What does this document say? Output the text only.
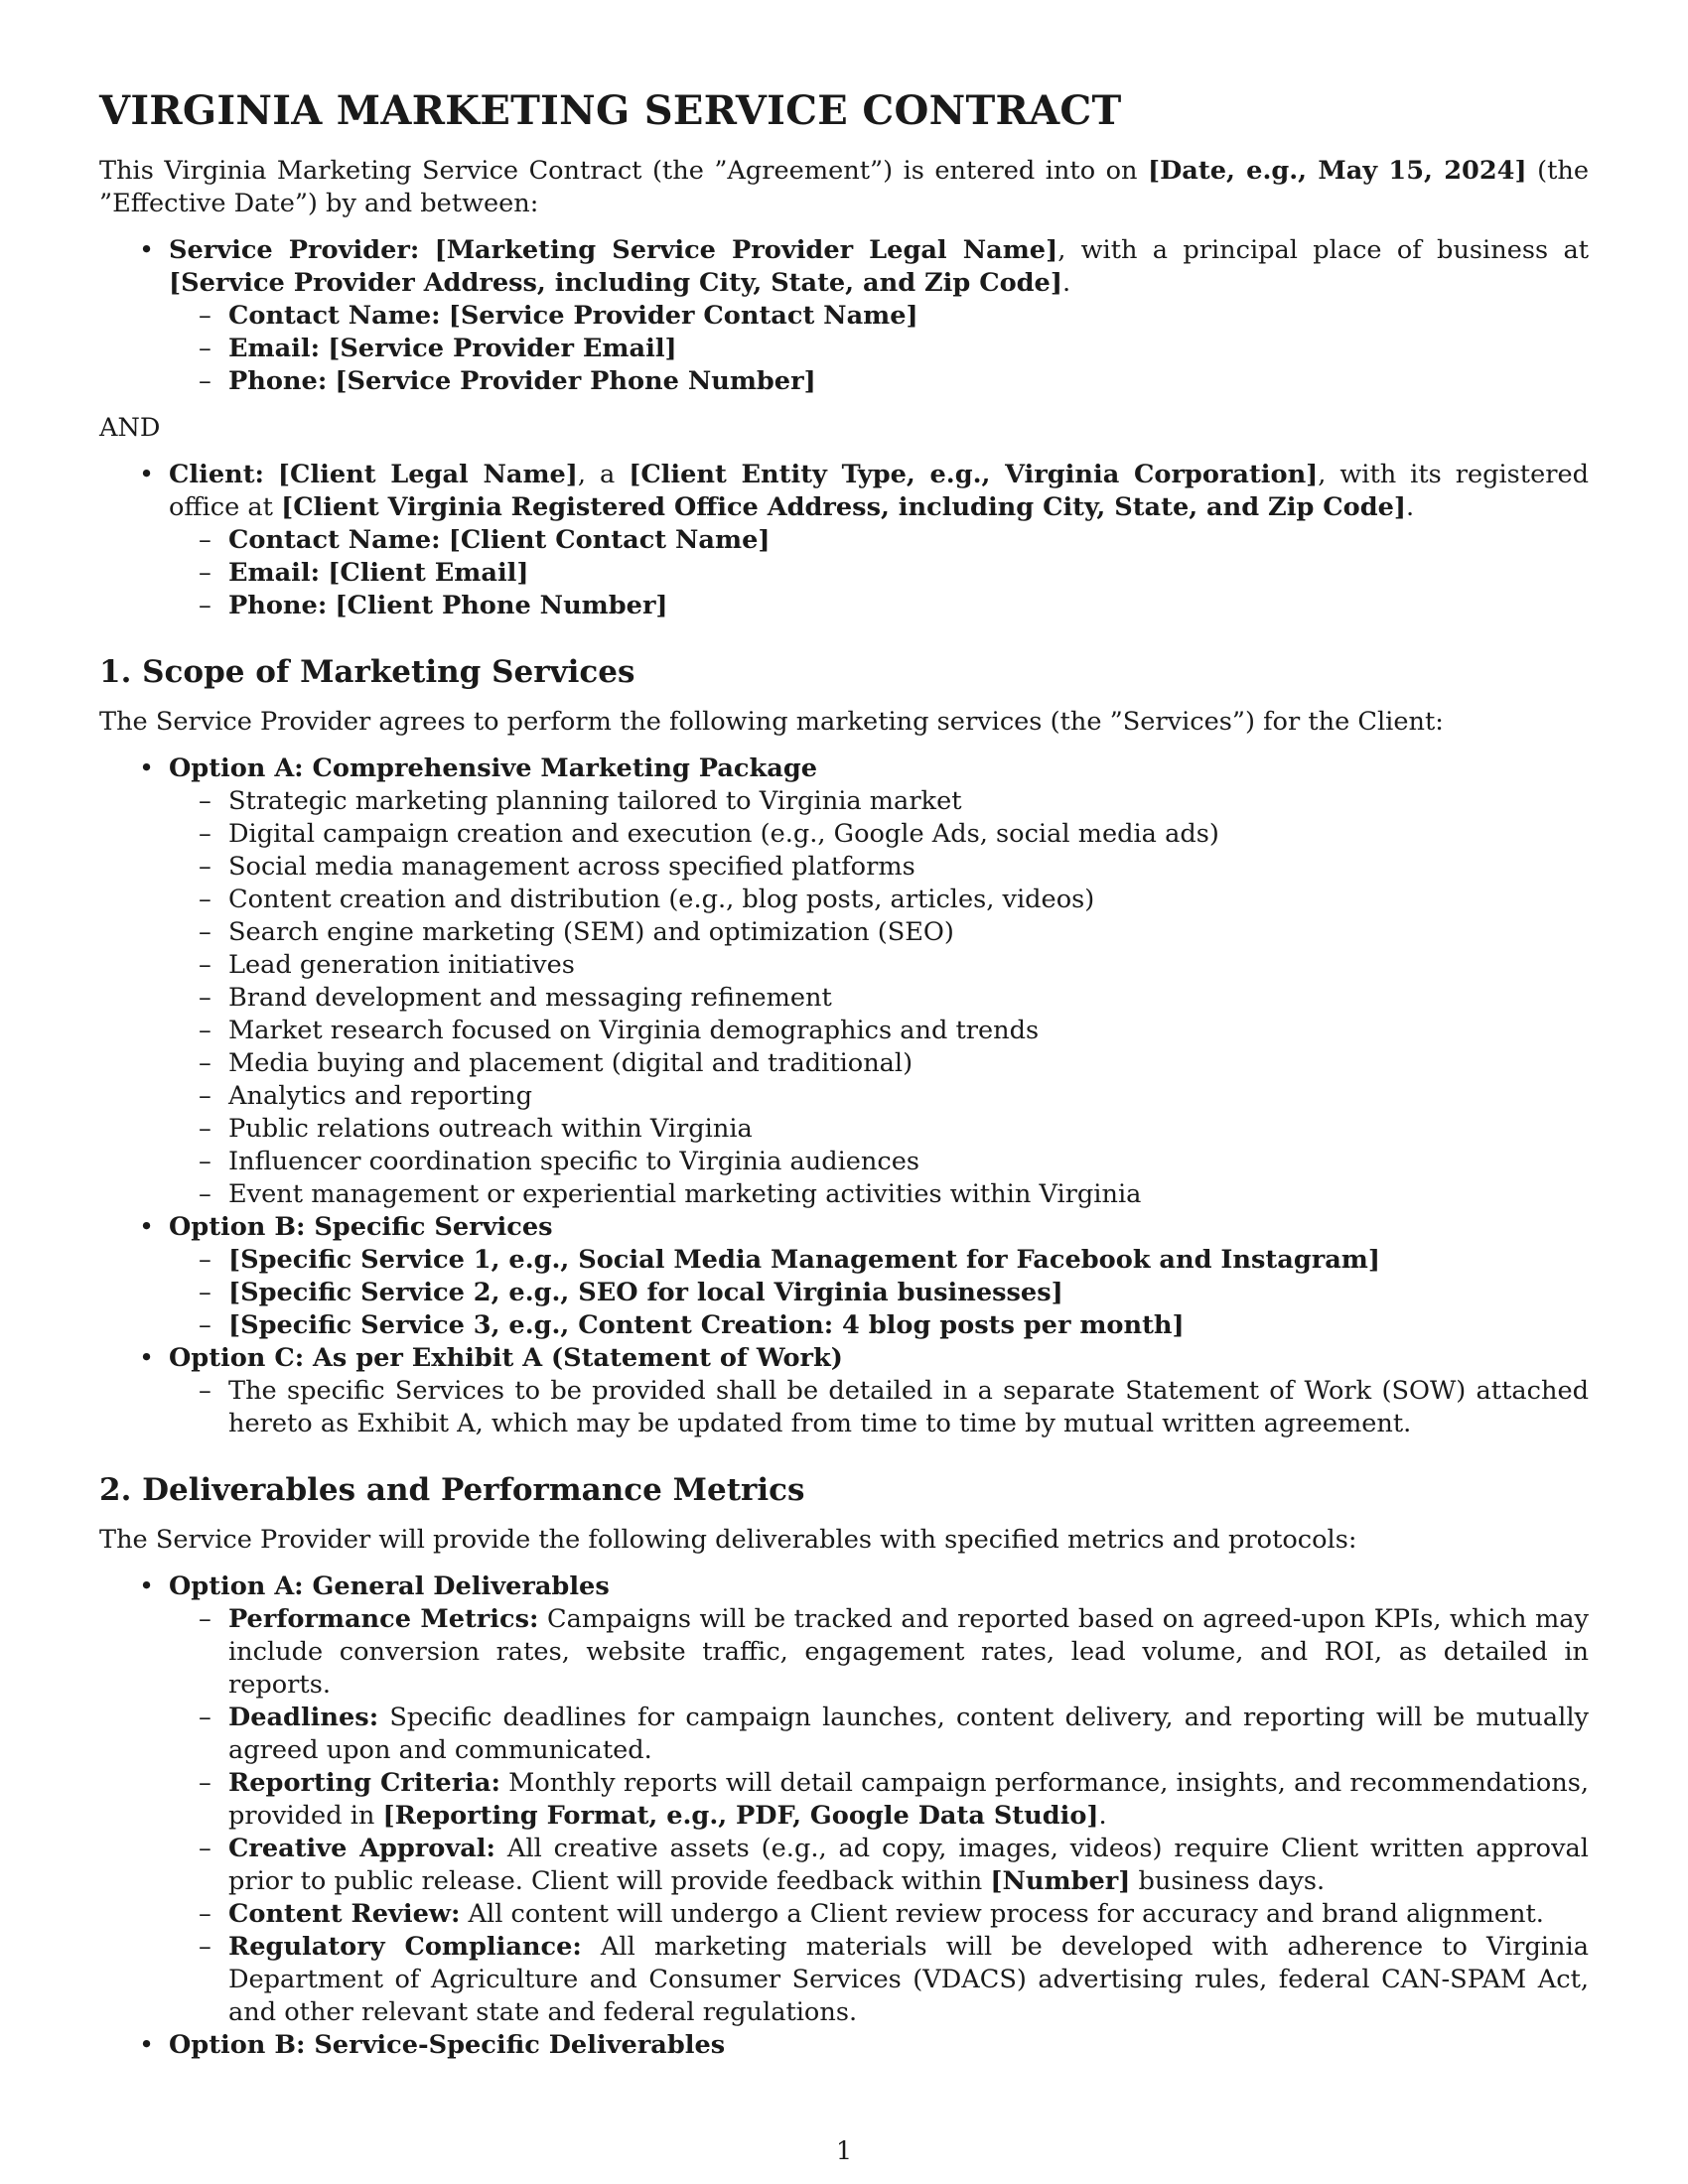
VIRGINIA MARKETING SERVICE CONTRACT

This Virginia Marketing Service Contract (the ”Agreement”) is entered into on [Date, e.g., May 15, 2024] (the ”Effective Date”) by and between:

• Service Provider: [Marketing Service Provider Legal Name], with a principal place of business at [Service Provider Address, including City, State, and Zip Code].

– Contact Name: [Service Provider Contact Name]
– Email: [Service Provider Email]
– Phone: [Service Provider Phone Number]

AND

• Client: [Client Legal Name], a [Client Entity Type, e.g., Virginia Corporation], with its registered office at [Client Virginia Registered Office Address, including City, State, and Zip Code].

– Contact Name: [Client Contact Name]
– Email: [Client Email]
– Phone: [Client Phone Number]
1. Scope of Marketing Services

The Service Provider agrees to perform the following marketing services (the ”Services”) for the Client:

• Option A: Comprehensive Marketing Package
– Strategic marketing planning tailored to Virginia market
– Digital campaign creation and execution (e.g., Google Ads, social media ads)
– Social media management across specified platforms
– Content creation and distribution (e.g., blog posts, articles, videos)
– Search engine marketing (SEM) and optimization (SEO)
– Lead generation initiatives
– Brand development and messaging refinement
– Market research focused on Virginia demographics and trends
– Media buying and placement (digital and traditional)
– Analytics and reporting
– Public relations outreach within Virginia
– Influencer coordination specific to Virginia audiences
– Event management or experiential marketing activities within Virginia
• Option B: Specific Services
– [Specific Service 1, e.g., Social Media Management for Facebook and Instagram]
– [Specific Service 2, e.g., SEO for local Virginia businesses]
– [Specific Service 3, e.g., Content Creation: 4 blog posts per month]
• Option C: As per Exhibit A (Statement of Work)
– The specific Services to be provided shall be detailed in a separate Statement of Work (SOW) attached hereto as Exhibit A, which may be updated from time to time by mutual written agreement.
2. Deliverables and Performance Metrics

The Service Provider will provide the following deliverables with specified metrics and protocols:

• Option A: General Deliverables
– Performance Metrics: Campaigns will be tracked and reported based on agreed-upon KPIs, which may include conversion rates, website traffic, engagement rates, lead volume, and ROI, as detailed in reports.
– Deadlines: Specific deadlines for campaign launches, content delivery, and reporting will be mutually agreed upon and communicated.
– Reporting Criteria: Monthly reports will detail campaign performance, insights, and recommendations, provided in [Reporting Format, e.g., PDF, Google Data Studio].
– Creative Approval: All creative assets (e.g., ad copy, images, videos) require Client written approval prior to public release. Client will provide feedback within [Number] business days.
– Content Review: All content will undergo a Client review process for accuracy and brand alignment.
– Regulatory Compliance: All marketing materials will be developed with adherence to Virginia Department of Agriculture and Consumer Services (VDACS) advertising rules, federal CAN-SPAM Act, and other relevant state and federal regulations.
• Option B: Service-Specific Deliverables
1
